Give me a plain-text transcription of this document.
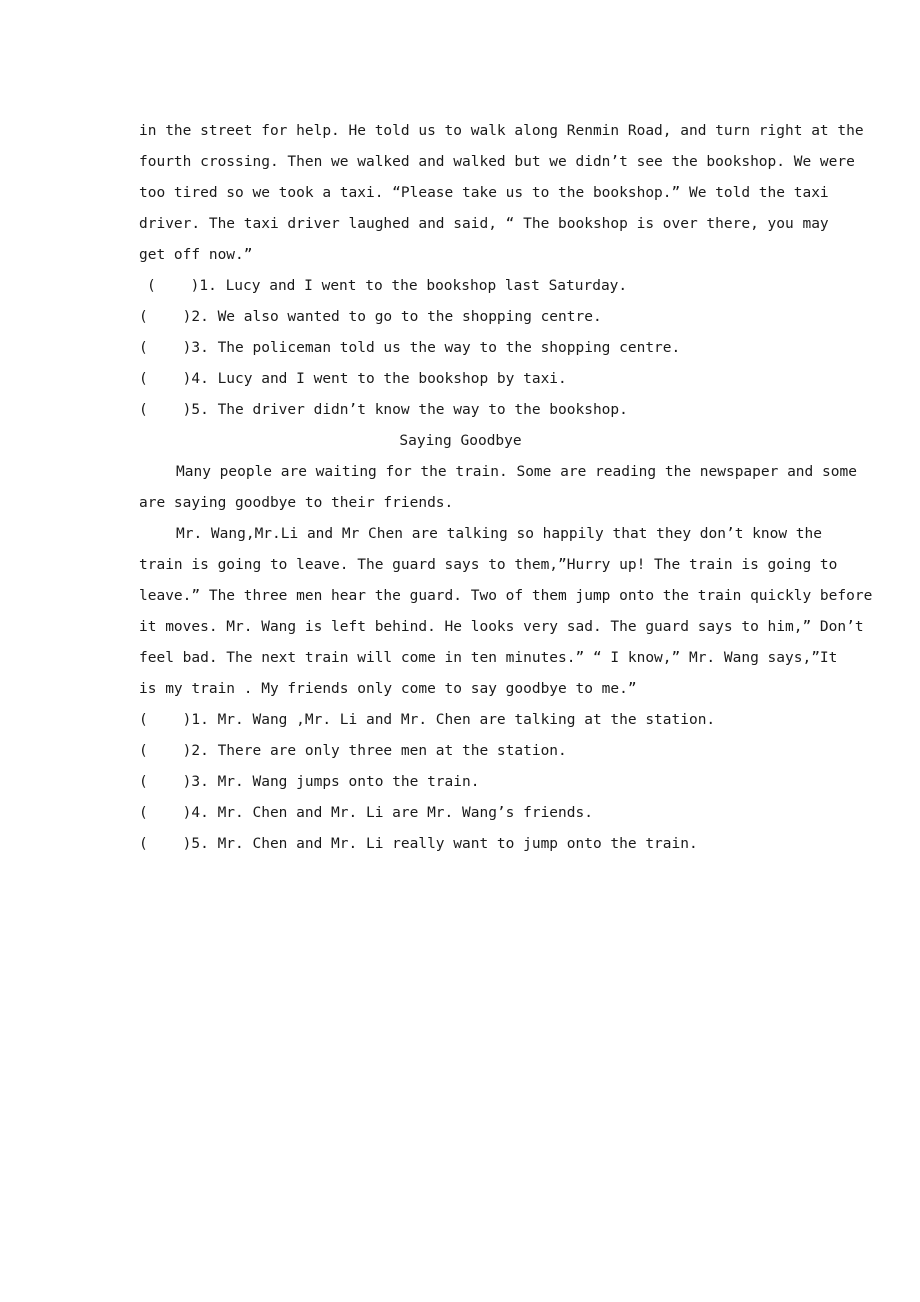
in the street for help. He told us to walk along Renmin Road, and turn right at the
fourth crossing. Then we walked and walked but we didn’t see the bookshop. We were
too tired so we took a taxi. “Please take us to the bookshop.” We told the taxi
driver. The taxi driver laughed and said, “ The bookshop is over there, you may
get off now.”
(    )1. Lucy and I went to the bookshop last Saturday.
(    )2. We also wanted to go to the shopping centre.
(    )3. The policeman told us the way to the shopping centre.
(    )4. Lucy and I went to the bookshop by taxi.
(    )5. The driver didn’t know the way to the bookshop.
Saying Goodbye
Many people are waiting for the train. Some are reading the newspaper and some
are saying goodbye to their friends.
Mr. Wang,Mr.Li and Mr Chen are talking so happily that they don’t know the
train is going to leave. The guard says to them,”Hurry up! The train is going to
leave.” The three men hear the guard. Two of them jump onto the train quickly before
it moves. Mr. Wang is left behind. He looks very sad. The guard says to him,” Don’t
feel bad. The next train will come in ten minutes.” “ I know,” Mr. Wang says,”It
is my train . My friends only come to say goodbye to me.”
(    )1. Mr. Wang ,Mr. Li and Mr. Chen are talking at the station.
(    )2. There are only three men at the station.
(    )3. Mr. Wang jumps onto the train.
(    )4. Mr. Chen and Mr. Li are Mr. Wang’s friends.
(    )5. Mr. Chen and Mr. Li really want to jump onto the train.
